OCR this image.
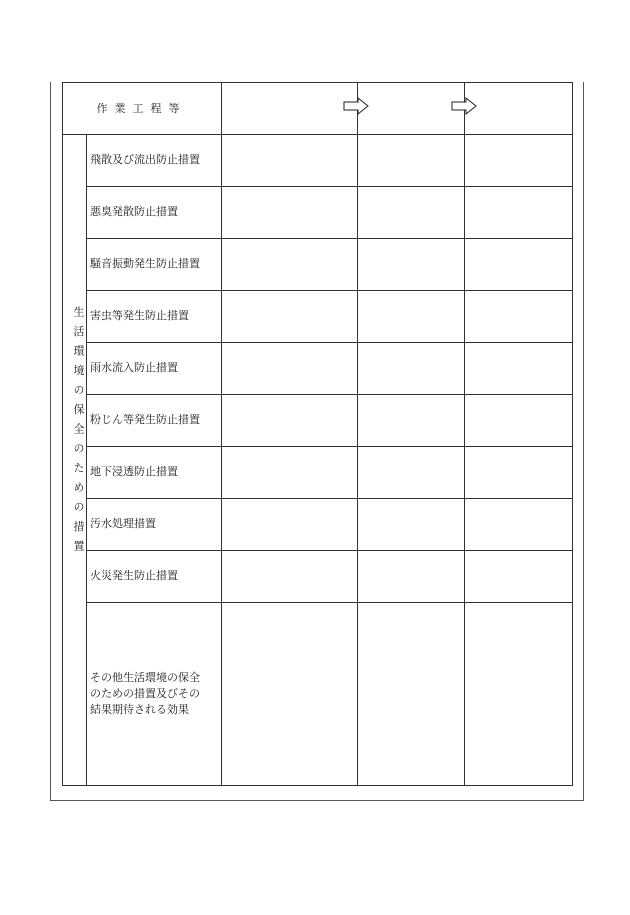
作業工程等
生活環境の保全のための措置
飛散及び流出防止措置
悪臭発散防止措置
騒音振動発生防止措置
害虫等発生防止措置
雨水流入防止措置
粉じん等発生防止措置
地下浸透防止措置
汚水処理措置
火災発生防止措置
その他生活環境の保全
のための措置及びその
結果期待される効果
